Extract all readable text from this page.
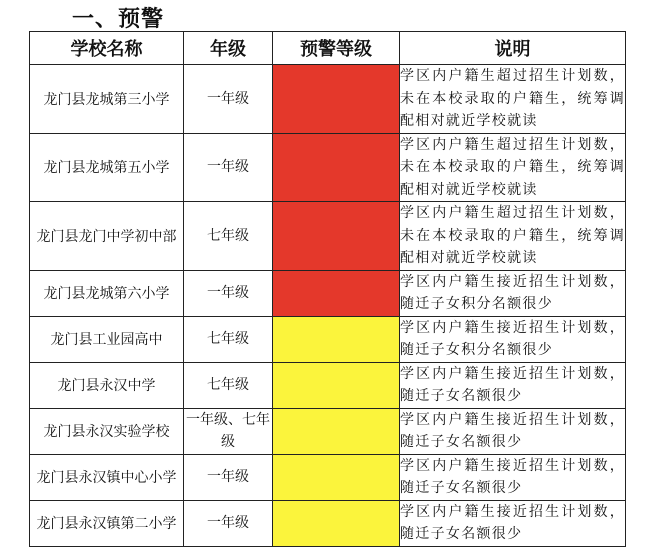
一、预警
学校名称	年级	预警等级	说明
龙门县龙城第三小学	一年级		学区内户籍生超过招生计划数，未在本校录取的户籍生，统筹调配相对就近学校就读
龙门县龙城第五小学	一年级		学区内户籍生超过招生计划数，未在本校录取的户籍生，统筹调配相对就近学校就读
龙门县龙门中学初中部	七年级		学区内户籍生超过招生计划数，未在本校录取的户籍生，统筹调配相对就近学校就读
龙门县龙城第六小学	一年级		学区内户籍生接近招生计划数，随迁子女积分名额很少
龙门县工业园高中	七年级		学区内户籍生接近招生计划数，随迁子女积分名额很少
龙门县永汉中学	七年级		学区内户籍生接近招生计划数，随迁子女名额很少
龙门县永汉实验学校	一年级、七年级		学区内户籍生接近招生计划数，随迁子女名额很少
龙门县永汉镇中心小学	一年级		学区内户籍生接近招生计划数，随迁子女名额很少
龙门县永汉镇第二小学	一年级		学区内户籍生接近招生计划数，随迁子女名额很少
